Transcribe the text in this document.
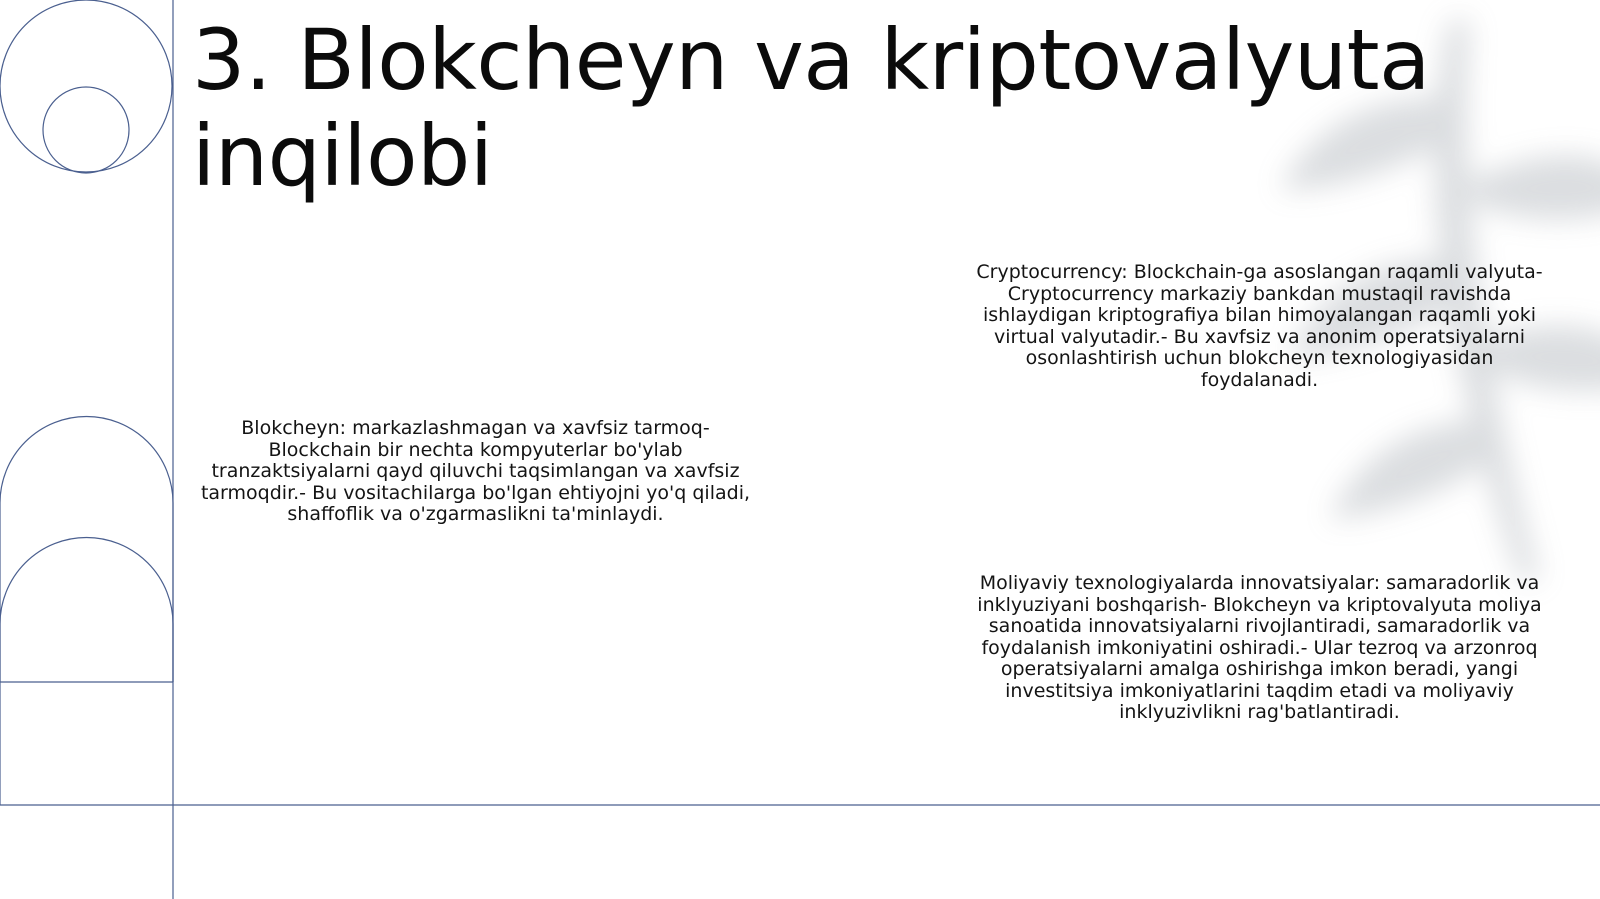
3. Blokcheyn va kriptovalyuta inqilobi
Blokcheyn: markazlashmagan va xavfsiz tarmoq- Blockchain bir nechta kompyuterlar bo'ylab tranzaktsiyalarni qayd qiluvchi taqsimlangan va xavfsiz tarmoqdir.- Bu vositachilarga bo'lgan ehtiyojni yo'q qiladi, shaffoflik va o'zgarmaslikni ta'minlaydi.
Cryptocurrency: Blockchain-ga asoslangan raqamli valyuta- Cryptocurrency markaziy bankdan mustaqil ravishda ishlaydigan kriptografiya bilan himoyalangan raqamli yoki virtual valyutadir.- Bu xavfsiz va anonim operatsiyalarni osonlashtirish uchun blokcheyn texnologiyasidan foydalanadi.
Moliyaviy texnologiyalarda innovatsiyalar: samaradorlik va inklyuziyani boshqarish- Blokcheyn va kriptovalyuta moliya sanoatida innovatsiyalarni rivojlantiradi, samaradorlik va foydalanish imkoniyatini oshiradi.- Ular tezroq va arzonroq operatsiyalarni amalga oshirishga imkon beradi, yangi investitsiya imkoniyatlarini taqdim etadi va moliyaviy inklyuzivlikni rag'batlantiradi.
